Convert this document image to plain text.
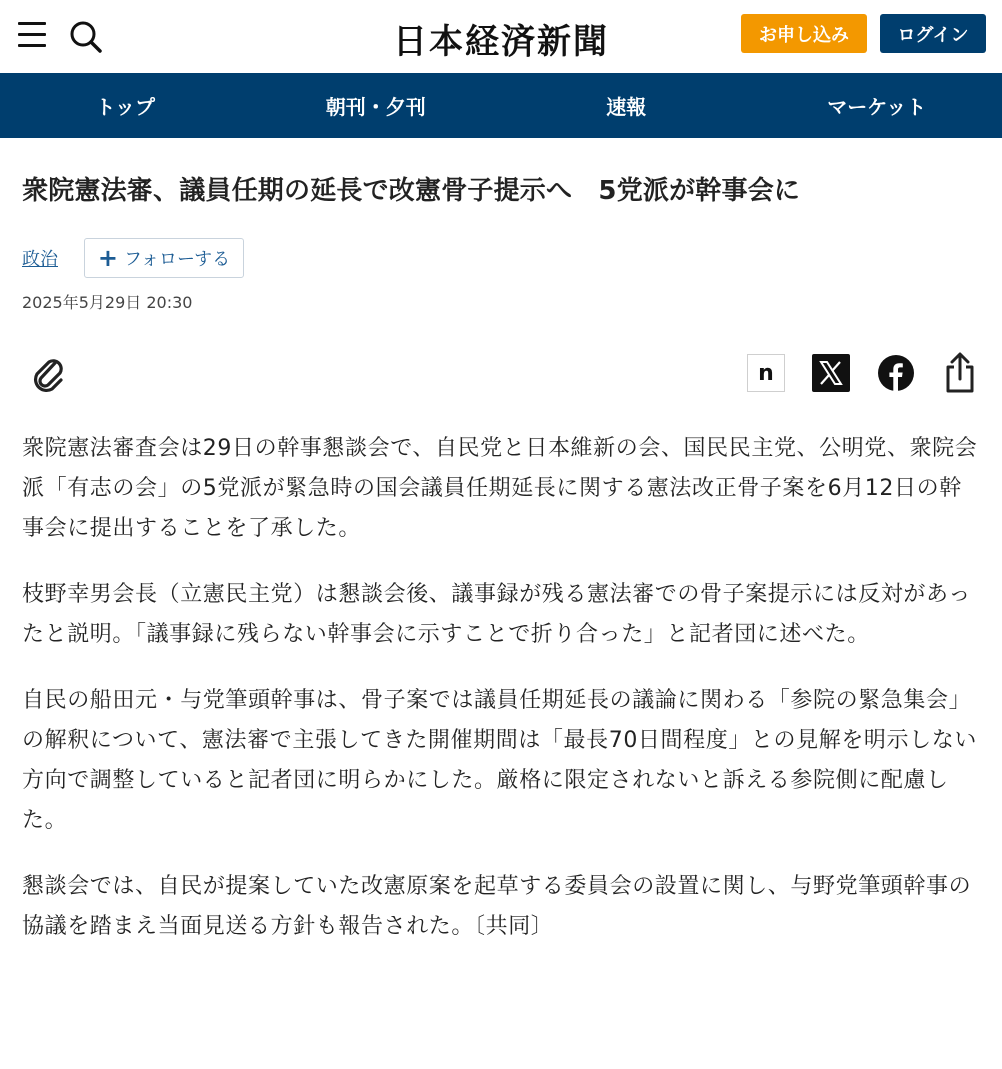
日本経済新聞	お申し込み	ログイン
トップ	朝刊・夕刊	速報	マーケット
衆院憲法審、議員任期の延長で改憲骨子提示へ　5党派が幹事会に
政治 + フォローする
2025年5月29日 20:30
n

衆院憲法審査会は29日の幹事懇談会で、自民党と日本維新の会、国民民主党、公明党、衆院会派「有志の会」の5党派が緊急時の国会議員任期延長に関する憲法改正骨子案を6月12日の幹事会に提出することを了承した。

枝野幸男会長（立憲民主党）は懇談会後、議事録が残る憲法審での骨子案提示には反対があったと説明。「議事録に残らない幹事会に示すことで折り合った」と記者団に述べた。

自民の船田元・与党筆頭幹事は、骨子案では議員任期延長の議論に関わる「参院の緊急集会」の解釈について、憲法審で主張してきた開催期間は「最長70日間程度」との見解を明示しない方向で調整していると記者団に明らかにした。厳格に限定されないと訴える参院側に配慮した。

懇談会では、自民が提案していた改憲原案を起草する委員会の設置に関し、与野党筆頭幹事の協議を踏まえ当面見送る方針も報告された。〔共同〕
